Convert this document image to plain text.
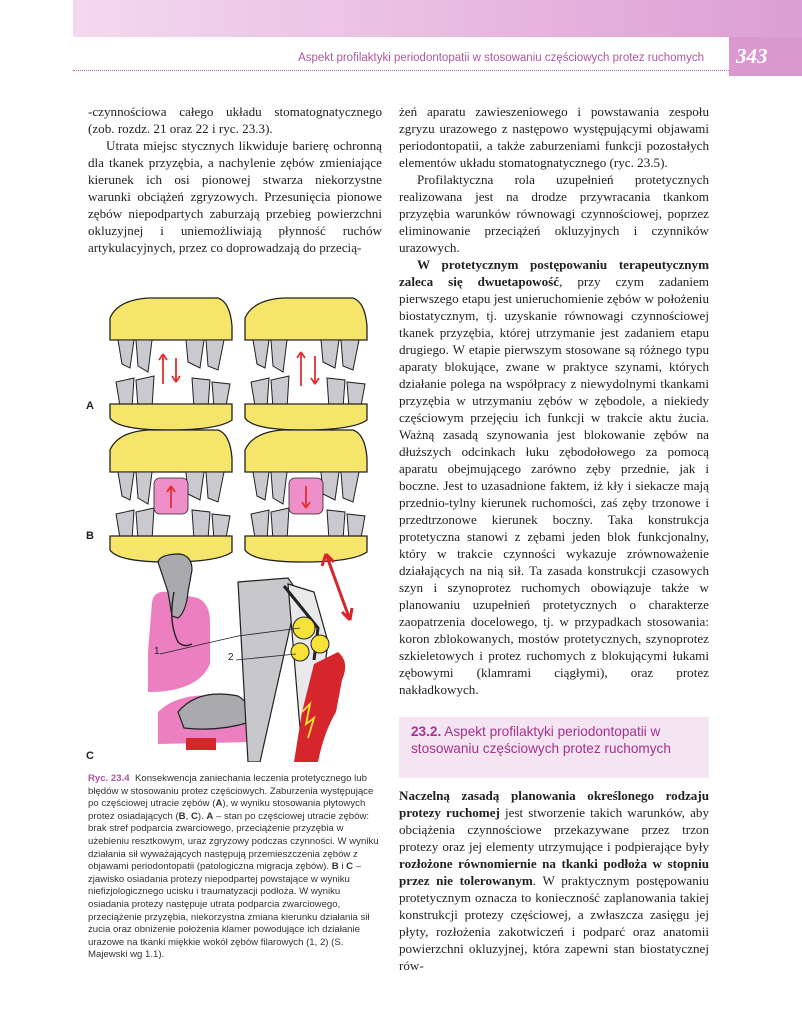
Aspekt profilaktyki periodontopatii w stosowaniu częściowych protez ruchomych 343

-czynnościowa całego układu stomatognatycznego (zob. rozdz. 21 oraz 22 i ryc. 23.3).

Utrata miejsc stycznych likwiduje barierę ochronną dla tkanek przyzębia, a nachylenie zębów zmieniające kierunek ich osi pionowej stwarza niekorzystne warunki obciążeń zgryzowych. Przesunięcia pionowe zębów niepodpartych zaburzają przebieg powierzchni okluzyjnej i uniemożliwiają płynność ruchów artykulacyjnych, przez co doprowadzają do przecią-

A
B
C
1
2
Ryc. 23.4 Konsekwencja zaniechania leczenia protetycznego lub błędów w stosowaniu protez częściowych. Zaburzenia występujące po częściowej utracie zębów (A), w wyniku stosowania płytowych protez osiadających (B, C). A – stan po częściowej utracie zębów: brak stref podparcia zwarciowego, przeciążenie przyzębia w użebieniu resztkowym, uraz zgryzowy podczas czynności. W wyniku działania sił wyważających następują przemieszczenia zębów z objawami periodontopatii (patologiczna migracja zębów). B i C – zjawisko osiadania protezy niepodpartej powstające w wyniku niefizjologicznego ucisku i traumatyzacji podłoża. W wyniku osiadania protezy następuje utrata podparcia zwarciowego, przeciążenie przyzębia, niekorzystna zmiana kierunku działania sił żucia oraz obniżenie położenia klamer powodujące ich działanie urazowe na tkanki miękkie wokół zębów filarowych (1, 2) (S. Majewski wg 1.1).

żeń aparatu zawieszeniowego i powstawania zespołu zgryzu urazowego z następowo występującymi objawami periodontopatii, a także zaburzeniami funkcji pozostałych elementów układu stomatognatycznego (ryc. 23.5).

Profilaktyczna rola uzupełnień protetycznych realizowana jest na drodze przywracania tkankom przyzębia warunków równowagi czynnościowej, poprzez eliminowanie przeciążeń okluzyjnych i czynników urazowych.

W protetycznym postępowaniu terapeutycznym zaleca się dwuetapowość, przy czym zadaniem pierwszego etapu jest unieruchomienie zębów w położeniu biostatycznym, tj. uzyskanie równowagi czynnościowej tkanek przyzębia, której utrzymanie jest zadaniem etapu drugiego. W etapie pierwszym stosowane są różnego typu aparaty blokujące, zwane w praktyce szynami, których działanie polega na współpracy z niewydolnymi tkankami przyzębia w utrzymaniu zębów w zębodole, a niekiedy częściowym przejęciu ich funkcji w trakcie aktu żucia. Ważną zasadą szynowania jest blokowanie zębów na dłuższych odcinkach łuku zębodołowego za pomocą aparatu obejmującego zarówno zęby przednie, jak i boczne. Jest to uzasadnione faktem, iż kły i siekacze mają przednio-tylny kierunek ruchomości, zaś zęby trzonowe i przedtrzonowe kierunek boczny. Taka konstrukcja protetyczna stanowi z zębami jeden blok funkcjonalny, który w trakcie czynności wykazuje zrównoważenie działających na nią sił. Ta zasada konstrukcji czasowych szyn i szynoprotez ruchomych obowiązuje także w planowaniu uzupełnień protetycznych o charakterze zaopatrzenia docelowego, tj. w przypadkach stosowania: koron zblokowanych, mostów protetycznych, szynoprotez szkieletowych i protez ruchomych z blokującymi łukami zębowymi (klamrami ciągłymi), oraz protez nakładkowych.

23.2. Aspekt profilaktyki periodontopatii w stosowaniu częściowych protez ruchomych

Naczelną zasadą planowania określonego rodzaju protezy ruchomej jest stworzenie takich warunków, aby obciążenia czynnościowe przekazywane przez trzon protezy oraz jej elementy utrzymujące i podpierające były rozłożone równomiernie na tkanki podłoża w stopniu przez nie tolerowanym. W praktycznym postępowaniu protetycznym oznacza to konieczność zaplanowania takiej konstrukcji protezy częściowej, a zwłaszcza zasięgu jej płyty, rozłożenia zakotwiczeń i podparć oraz anatomii powierzchni okluzyjnej, która zapewni stan biostatycznej rów-
